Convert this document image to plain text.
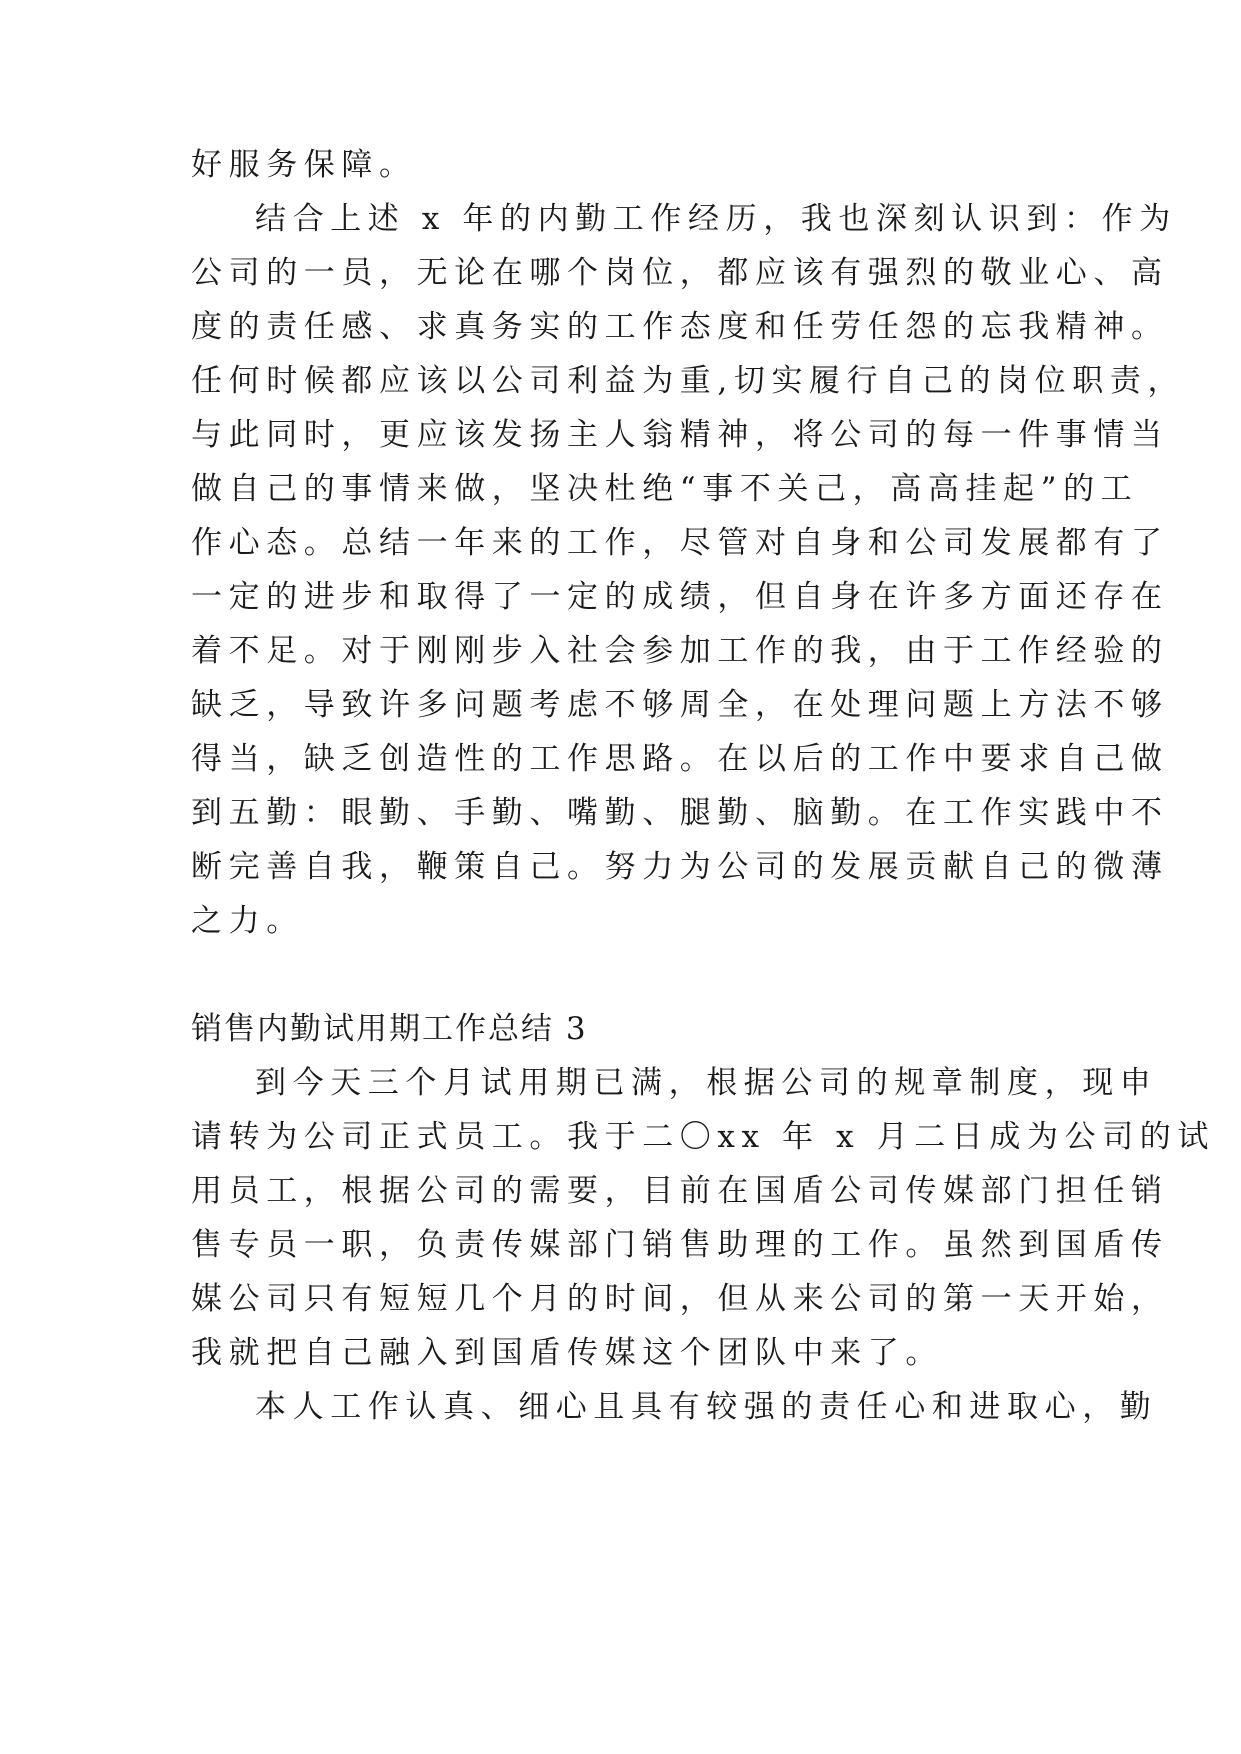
好服务保障。
结合上述 x 年的内勤工作经历，我也深刻认识到：作为
公司的一员，无论在哪个岗位，都应该有强烈的敬业心、高
度的责任感、求真务实的工作态度和任劳任怨的忘我精神。
任何时候都应该以公司利益为重,切实履行自己的岗位职责，
与此同时，更应该发扬主人翁精神，将公司的每一件事情当
做自己的事情来做，坚决杜绝“事不关己，高高挂起”的工
作心态。总结一年来的工作，尽管对自身和公司发展都有了
一定的进步和取得了一定的成绩，但自身在许多方面还存在
着不足。对于刚刚步入社会参加工作的我，由于工作经验的
缺乏，导致许多问题考虑不够周全，在处理问题上方法不够
得当，缺乏创造性的工作思路。在以后的工作中要求自己做
到五勤：眼勤、手勤、嘴勤、腿勤、脑勤。在工作实践中不
断完善自我，鞭策自己。努力为公司的发展贡献自己的微薄
之力。
销售内勤试用期工作总结 3
到今天三个月试用期已满，根据公司的规章制度，现申
请转为公司正式员工。我于二〇xx 年 x 月二日成为公司的试
用员工，根据公司的需要，目前在国盾公司传媒部门担任销
售专员一职，负责传媒部门销售助理的工作。虽然到国盾传
媒公司只有短短几个月的时间，但从来公司的第一天开始，
我就把自己融入到国盾传媒这个团队中来了。
本人工作认真、细心且具有较强的责任心和进取心，勤
